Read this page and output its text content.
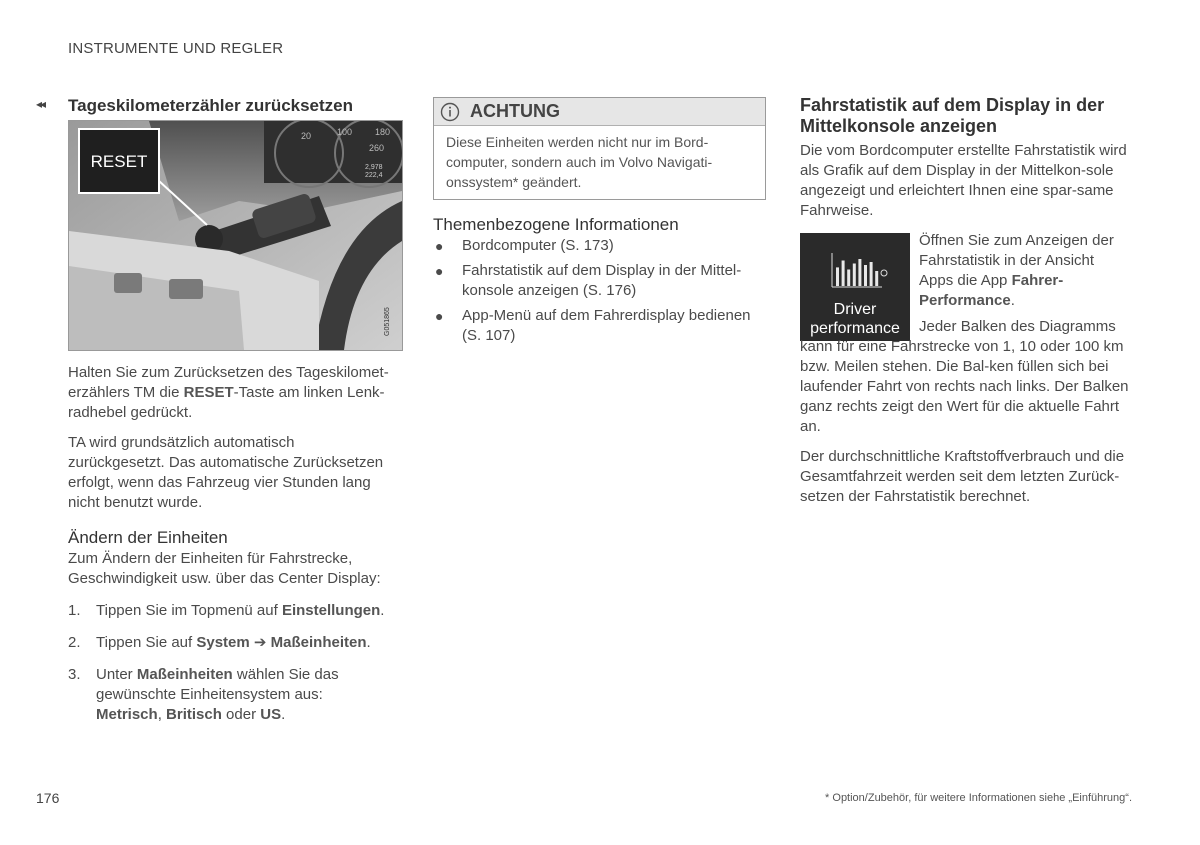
INSTRUMENTE UND REGLER
◂◂ Tageskilometerzähler zurücksetzen
20	100
260
180
2,978
222,4
RESET
G051865

Halten Sie zum Zurücksetzen des Tageskilomet-erzählers TM die RESET-Taste am linken Lenk-radhebel gedrückt.

TA wird grundsätzlich automatisch zurückgesetzt. Das automatische Zurücksetzen erfolgt, wenn das Fahrzeug vier Stunden lang nicht benutzt wurde.

Ändern der Einheiten

Zum Ändern der Einheiten für Fahrstrecke, Geschwindigkeit usw. über das Center Display:

1. Tippen Sie im Topmenü auf Einstellungen.
2. Tippen Sie auf System ➔ Maßeinheiten.
3. Unter Maßeinheiten wählen Sie das gewünschte Einheitensystem aus: Metrisch, Britisch oder US.
ACHTUNG
Diese Einheiten werden nicht nur im Bord-computer, sondern auch im Volvo Navigati-onssystem* geändert.
Themenbezogene Informationen
● Bordcomputer (S. 173)
● Fahrstatistik auf dem Display in der Mittel-konsole anzeigen (S. 176)
● App-Menü auf dem Fahrerdisplay bedienen (S. 107)
Fahrstatistik auf dem Display in der Mittelkonsole anzeigen

Die vom Bordcomputer erstellte Fahrstatistik wird als Grafik auf dem Display in der Mittelkon-sole angezeigt und erleichtert Ihnen eine spar-same Fahrweise.

Driver
performance

Öffnen Sie zum Anzeigen der Fahrstatistik in der Ansicht Apps die App Fahrer-Performance.

Jeder Balken des Diagramms kann für eine Fahrstrecke von 1, 10 oder 100 km bzw. Meilen stehen. Die Bal-ken füllen sich bei laufender Fahrt von rechts nach links. Der Balken ganz rechts zeigt den Wert für die aktuelle Fahrt an.

Der durchschnittliche Kraftstoffverbrauch und die Gesamtfahrzeit werden seit dem letzten Zurück-setzen der Fahrstatistik berechnet.

176	* Option/Zubehör, für weitere Informationen siehe „Einführung“.
